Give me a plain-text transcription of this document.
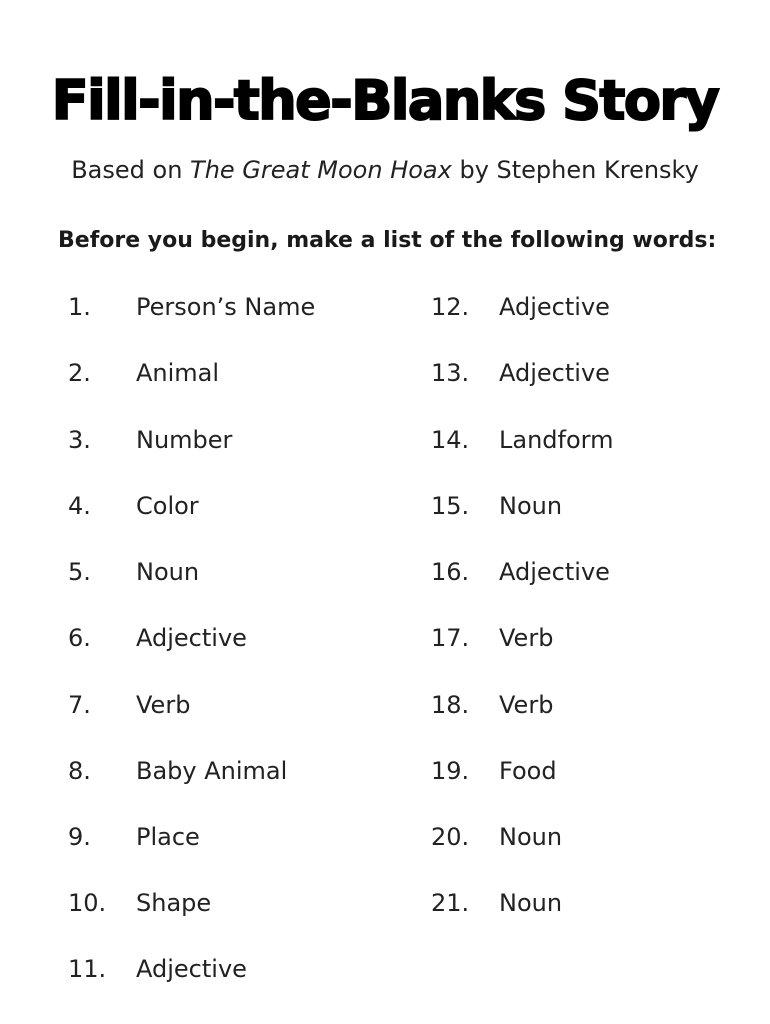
Fill-in-the-Blanks Story
Based on The Great Moon Hoax by Stephen Krensky
Before you begin, make a list of the following words:
1. Person’s Name
2. Animal
3. Number
4. Color
5. Noun
6. Adjective
7. Verb
8. Baby Animal
9. Place
10. Shape
11. Adjective
12. Adjective
13. Adjective
14. Landform
15. Noun
16. Adjective
17. Verb
18. Verb
19. Food
20. Noun
21. Noun
